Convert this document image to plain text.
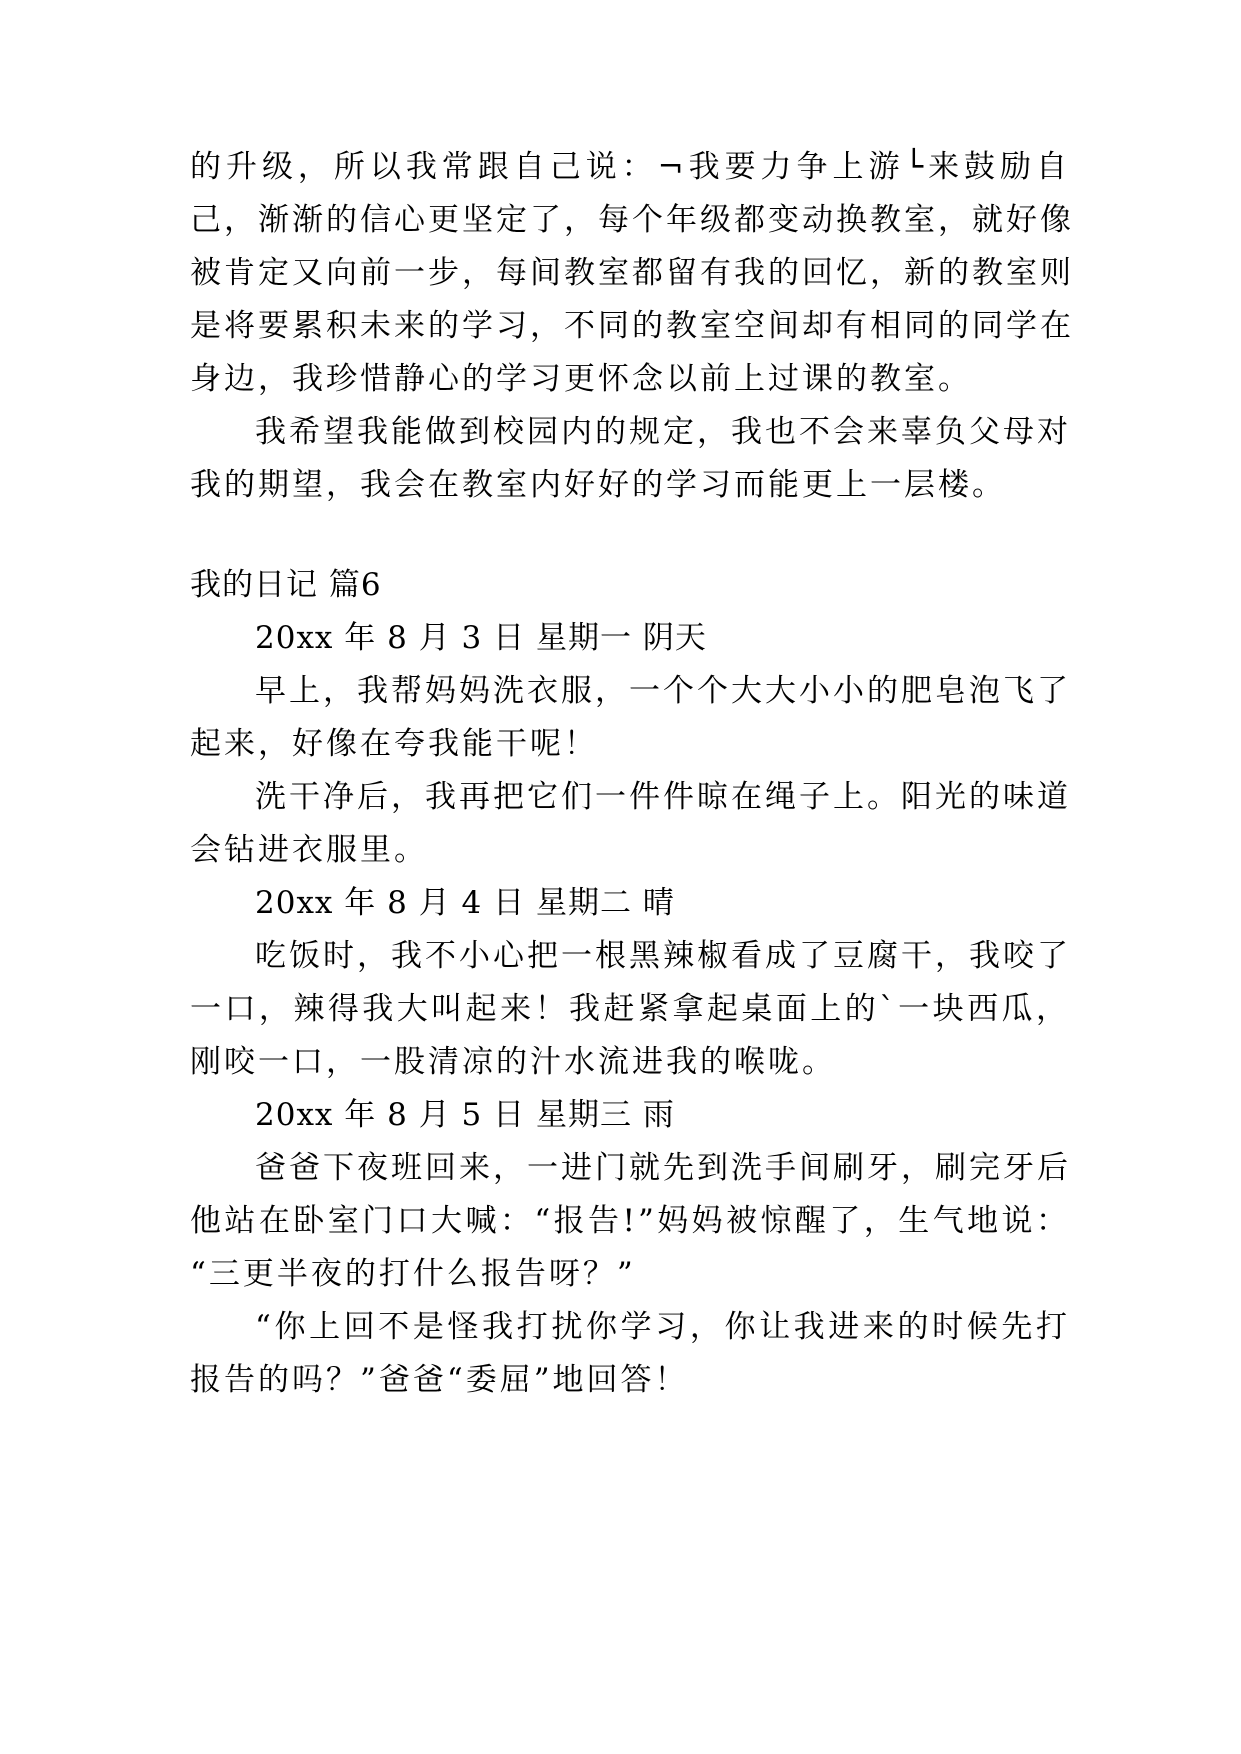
的升级，所以我常跟自己说：¬我要力争上游└来鼓励自
己，渐渐的信心更坚定了，每个年级都变动换教室，就好像
被肯定又向前一步，每间教室都留有我的回忆，新的教室则
是将要累积未来的学习，不同的教室空间却有相同的同学在
身边，我珍惜静心的学习更怀念以前上过课的教室。
我希望我能做到校园内的规定，我也不会来辜负父母对
我的期望，我会在教室内好好的学习而能更上一层楼。
我的日记 篇6
20xx 年 8 月 3 日 星期一 阴天
早上，我帮妈妈洗衣服，一个个大大小小的肥皂泡飞了
起来，好像在夸我能干呢！
洗干净后，我再把它们一件件晾在绳子上。阳光的味道
会钻进衣服里。
20xx 年 8 月 4 日 星期二 晴
吃饭时，我不小心把一根黑辣椒看成了豆腐干，我咬了
一口，辣得我大叫起来！我赶紧拿起桌面上的`一块西瓜，
刚咬一口，一股清凉的汁水流进我的喉咙。
20xx 年 8 月 5 日 星期三 雨
爸爸下夜班回来，一进门就先到洗手间刷牙，刷完牙后
他站在卧室门口大喊：“报告!”妈妈被惊醒了，生气地说：
“三更半夜的打什么报告呀？”
“你上回不是怪我打扰你学习，你让我进来的时候先打
报告的吗？”爸爸“委屈”地回答！
